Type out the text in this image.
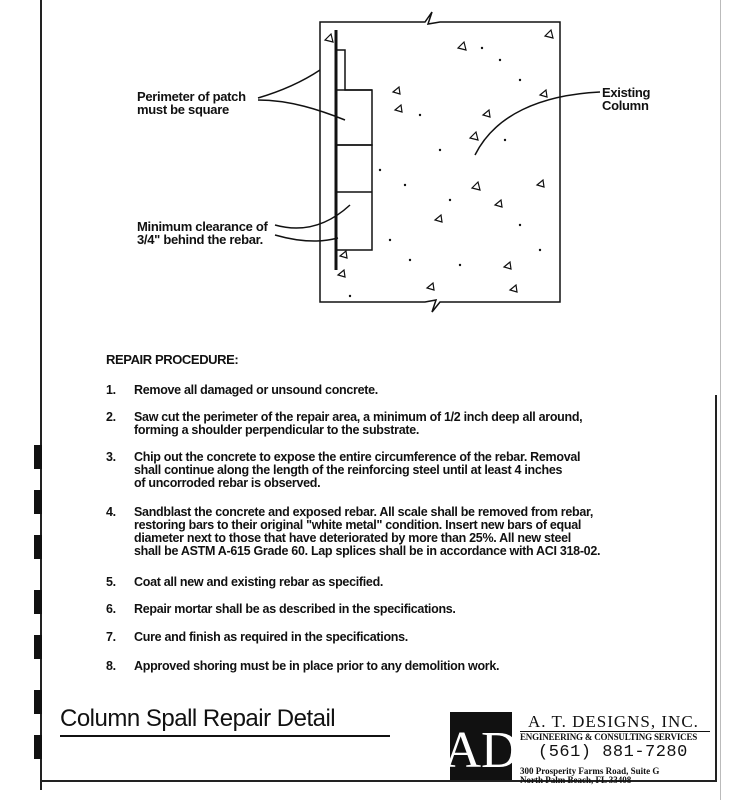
Perimeter of patch
must be square
Minimum clearance of
3/4" behind the rebar.
Existing
Column
REPAIR PROCEDURE:
1. Remove all damaged or unsound concrete.
2. Saw cut the perimeter of the repair area, a minimum of 1/2 inch deep all around,
forming a shoulder perpendicular to the substrate.
3. Chip out the concrete to expose the entire circumference of the rebar. Removal
shall continue along the length of the reinforcing steel until at least 4 inches
of uncorroded rebar is observed.
4. Sandblast the concrete and exposed rebar. All scale shall be removed from rebar,
restoring bars to their original "white metal" condition. Insert new bars of equal
diameter next to those that have deteriorated by more than 25%. All new steel
shall be ASTM A-615 Grade 60. Lap splices shall be in accordance with ACI 318-02.
5. Coat all new and existing rebar as specified.
6. Repair mortar shall be as described in the specifications.
7. Cure and finish as required in the specifications.
8. Approved shoring must be in place prior to any demolition work.
Column Spall Repair Detail
AD
A. T. DESIGNS, INC.
ENGINEERING & CONSULTING SERVICES
(561) 881-7280
300 Prosperity Farms Road, Suite G
North Palm Beach, FL 33408
